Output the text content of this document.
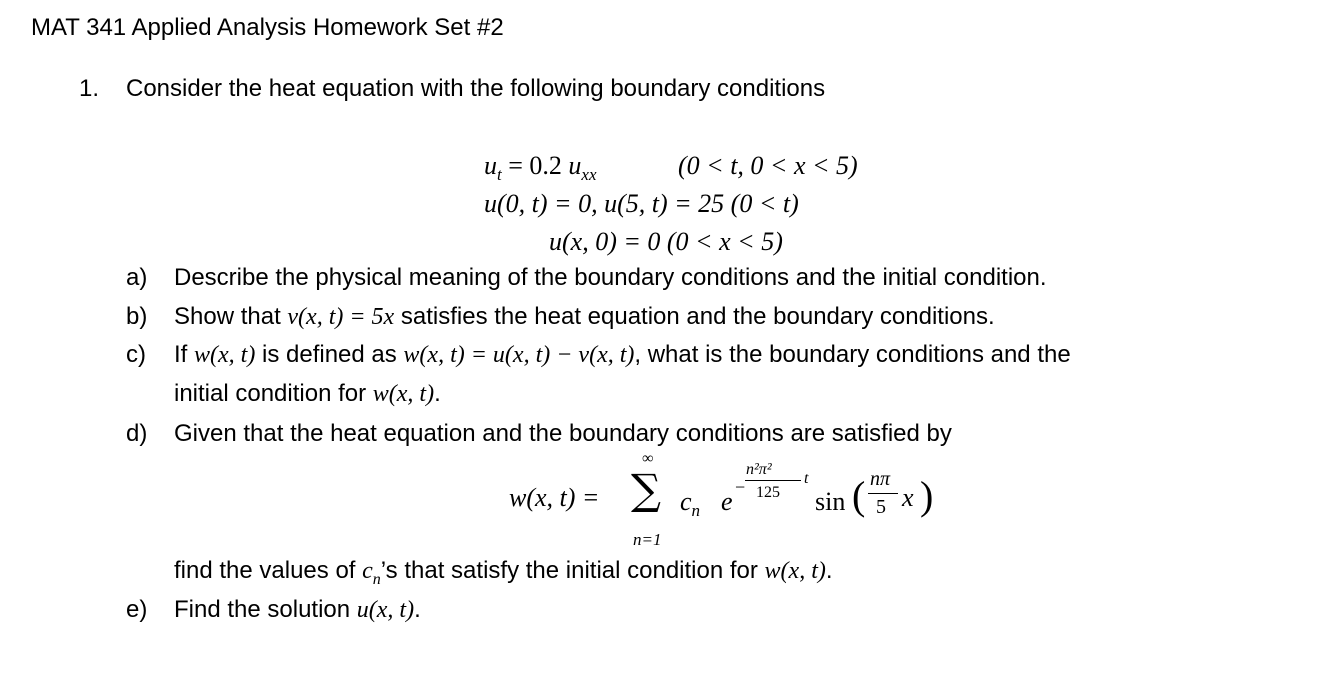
MAT 341 Applied Analysis Homework Set #2
1. Consider the heat equation with the following boundary conditions
$u_t = 0.2$ $u_{xx}$	(0 < t, 0 < x < 5)
u(0, t) = 0, u(5, t) = 25 (0 < t)
u(x, 0) = 0 (0 < x < 5)
a) Describe the physical meaning of the boundary conditions and the initial condition.
b) Show that v(x, t) = 5x satisfies the heat equation and the boundary conditions.
c) If w(x, t) is defined as w(x, t) = u(x, t) − v(x, t), what is the boundary conditions and the
initial condition for w(x, t).
d) Given that the heat equation and the boundary conditions are satisfied by
w(x, t) =
∞
∑
n=1
$c_n$ e −
n²π²
125
t
sin ( nπ
5 x )
find the values of $c_n’s$ that satisfy the initial condition for w(x, t).
e) Find the solution u(x, t).
